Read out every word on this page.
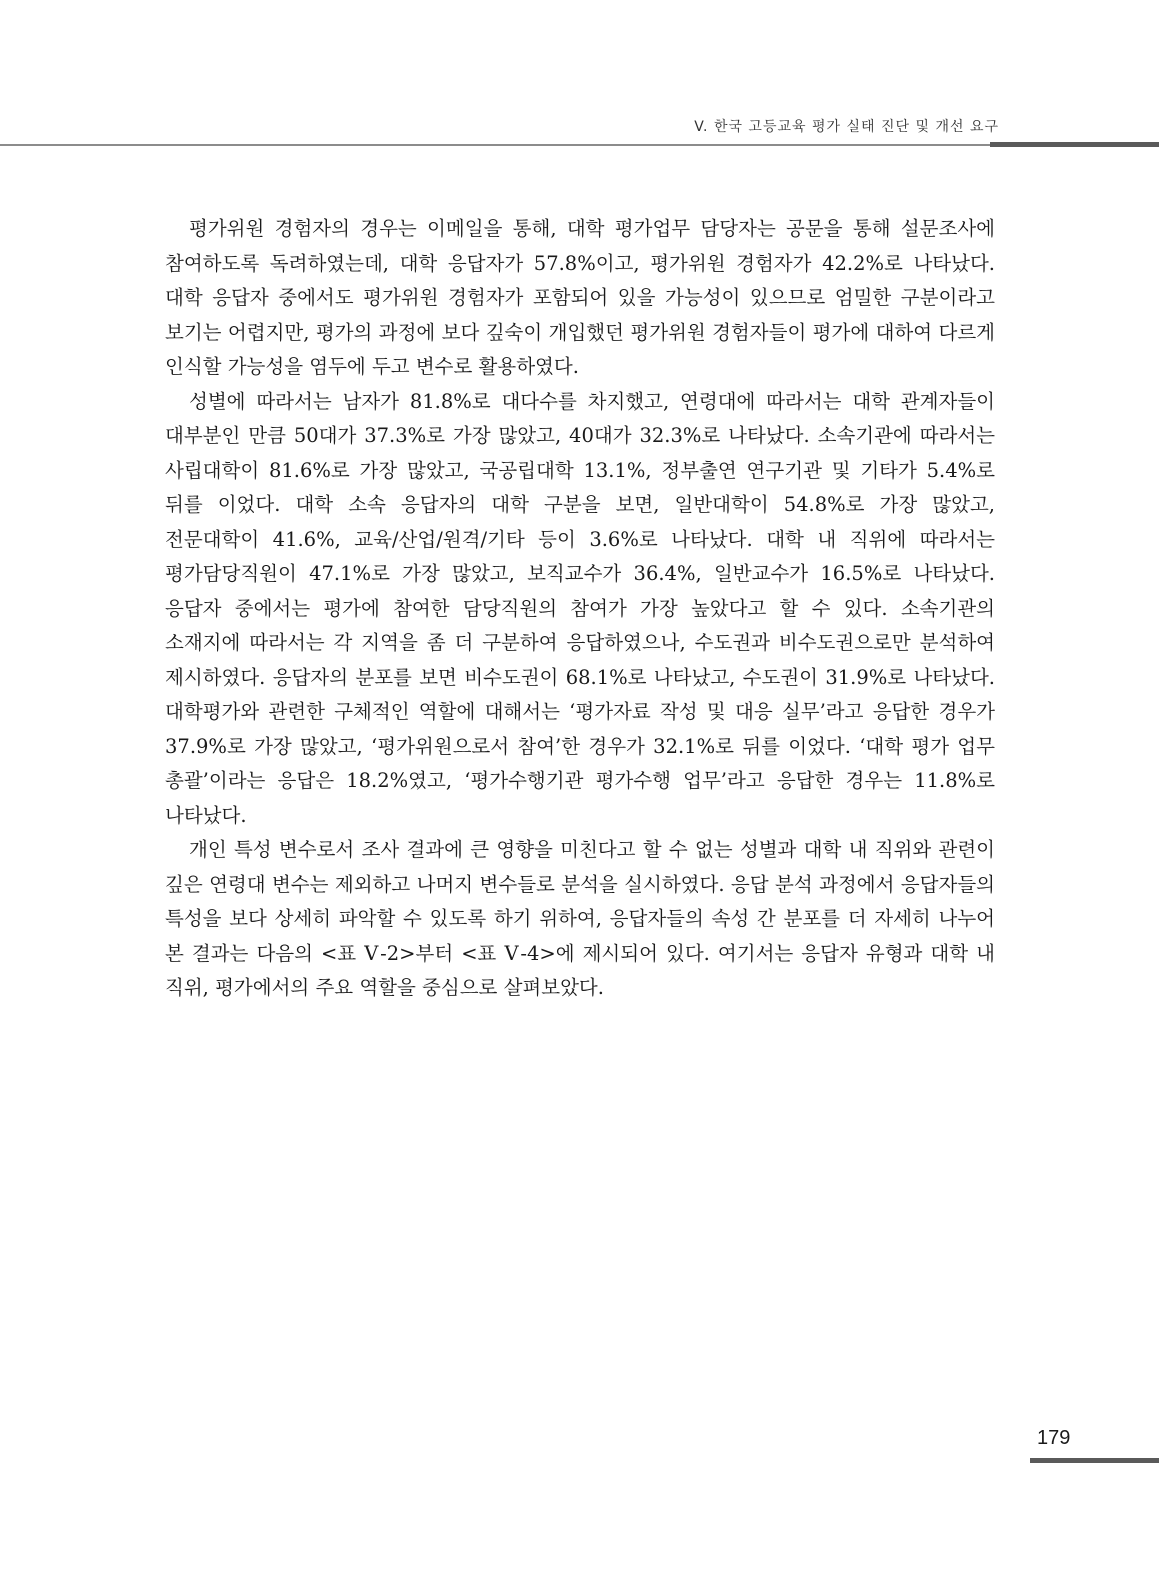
V. 한국 고등교육 평가 실태 진단 및 개선 요구

평가위원 경험자의 경우는 이메일을 통해, 대학 평가업무 담당자는 공문을 통해 설문조사에 참여하도록 독려하였는데, 대학 응답자가 57.8%이고, 평가위원 경험자가 42.2%로 나타났다. 대학 응답자 중에서도 평가위원 경험자가 포함되어 있을 가능성이 있으므로 엄밀한 구분이라고 보기는 어렵지만, 평가의 과정에 보다 깊숙이 개입했던 평가위원 경험자들이 평가에 대하여 다르게 인식할 가능성을 염두에 두고 변수로 활용하였다.

성별에 따라서는 남자가 81.8%로 대다수를 차지했고, 연령대에 따라서는 대학 관계자들이 대부분인 만큼 50대가 37.3%로 가장 많았고, 40대가 32.3%로 나타났다. 소속기관에 따라서는 사립대학이 81.6%로 가장 많았고, 국공립대학 13.1%, 정부출연 연구기관 및 기타가 5.4%로 뒤를 이었다. 대학 소속 응답자의 대학 구분을 보면, 일반대학이 54.8%로 가장 많았고, 전문대학이 41.6%, 교육/산업/원격/기타 등이 3.6%로 나타났다. 대학 내 직위에 따라서는 평가담당직원이 47.1%로 가장 많았고, 보직교수가 36.4%, 일반교수가 16.5%로 나타났다. 응답자 중에서는 평가에 참여한 담당직원의 참여가 가장 높았다고 할 수 있다. 소속기관의 소재지에 따라서는 각 지역을 좀 더 구분하여 응답하였으나, 수도권과 비수도권으로만 분석하여 제시하였다. 응답자의 분포를 보면 비수도권이 68.1%로 나타났고, 수도권이 31.9%로 나타났다. 대학평가와 관련한 구체적인 역할에 대해서는 ‘평가자료 작성 및 대응 실무’라고 응답한 경우가 37.9%로 가장 많았고, ‘평가위원으로서 참여’한 경우가 32.1%로 뒤를 이었다. ‘대학 평가 업무 총괄’이라는 응답은 18.2%였고, ‘평가수행기관 평가수행 업무’라고 응답한 경우는 11.8%로 나타났다.

개인 특성 변수로서 조사 결과에 큰 영향을 미친다고 할 수 없는 성별과 대학 내 직위와 관련이 깊은 연령대 변수는 제외하고 나머지 변수들로 분석을 실시하였다. 응답 분석 과정에서 응답자들의 특성을 보다 상세히 파악할 수 있도록 하기 위하여, 응답자들의 속성 간 분포를 더 자세히 나누어 본 결과는 다음의 <표 Ⅴ-2>부터 <표 Ⅴ-4>에 제시되어 있다. 여기서는 응답자 유형과 대학 내 직위, 평가에서의 주요 역할을 중심으로 살펴보았다.

179
